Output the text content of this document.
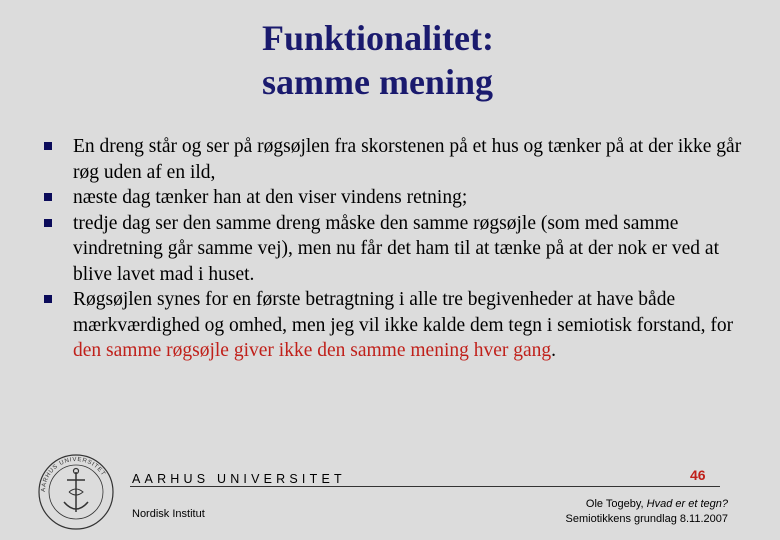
Funktionalitet:
samme mening
En dreng står og ser på røgsøjlen fra skorstenen på et hus og tænker på at der ikke går røg uden af en ild,
næste dag tænker han at den viser vindens retning;
tredje dag ser den samme dreng måske den samme røgsøjle (som med samme vindretning går samme vej), men nu får det ham til at tænke på at der nok er ved at blive lavet mad i huset.
Røgsøjlen synes for en første betragtning i alle tre begivenheder at have både mærkværdighed og omhed, men jeg vil ikke kalde dem tegn i semiotisk forstand, for den samme røgsøjle giver ikke den samme mening hver gang.
AARHUS UNIVERSITET AARHUS UNIVERSITET	46
Nordisk Institut
Ole Togeby, Hvad er et tegn?
Semiotikkens grundlag 8.11.2007
